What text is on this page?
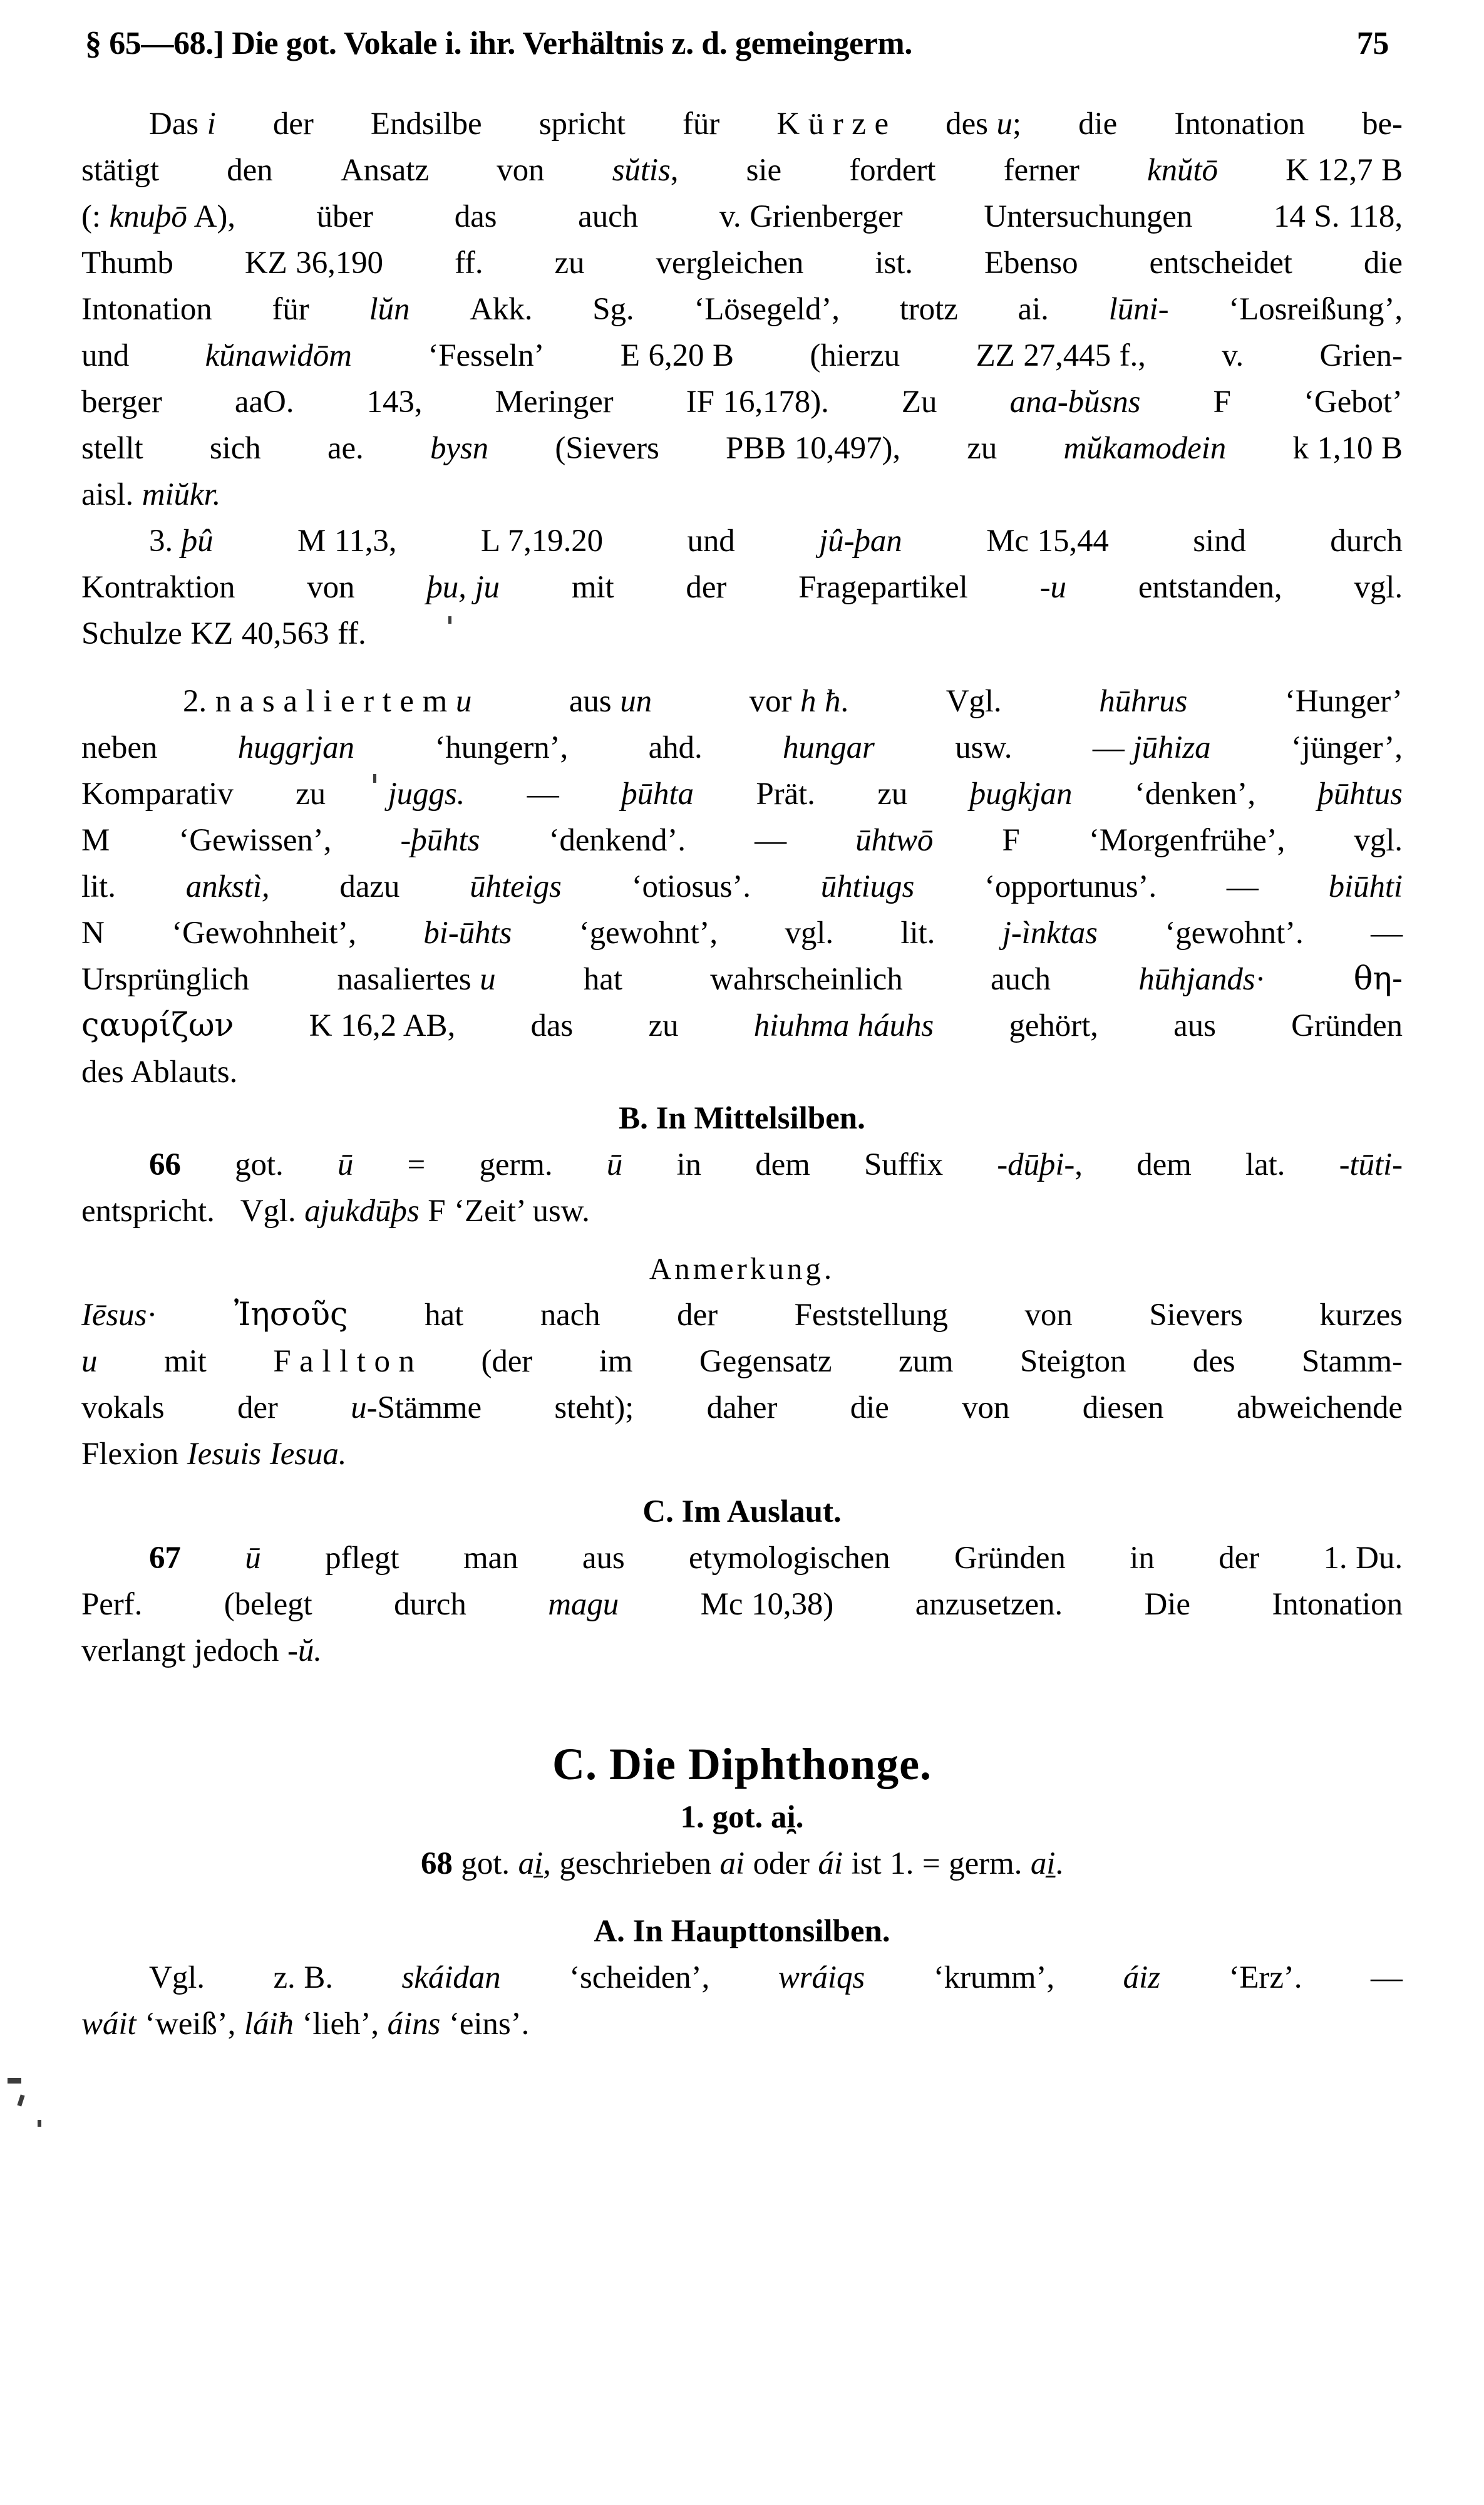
§ 65—68.] Die got. Vokale i. ihr. Verhältnis z. d. gemeingerm.	75
Das i der Endsilbe spricht für K ü r z e des u; die Intonation be-
stätigt den Ansatz von sŭtis, sie fordert ferner knŭtō K 12,7 B
(: knuþō A),	über	das	auch	v. Grienberger	Untersuchungen	14 S. 118,
Thumb KZ 36,190 ff. zu vergleichen ist. Ebenso entscheidet die
Intonation für lŭn Akk. Sg. ‘Lösegeld’, trotz ai. lūni- ‘Losreißung’,
und kŭnawidōm ‘Fesseln’ E 6,20 B (hierzu ZZ 27,445 f., v. Grien-
berger aaO. 143, Meringer IF 16,178). Zu ana-bŭsns F ‘Gebot’
stellt sich ae. bysn (Sievers PBB 10,497), zu mŭkamodein k 1,10 B
aisl. miŭkr.
3. þû	M 11,3,	L 7,19.20	und	jû-þan	Mc 15,44	sind	durch
Kontraktion von þu, ju mit der Fragepartikel -u entstanden, vgl.
Schulze KZ 40,563 ff.
2. n a s a l i e r t e m u	aus un	vor h ħ.	Vgl.	hūhrus	‘Hunger’
neben	huggrjan	‘hungern’,	ahd.	hungar	usw.	— jūhiza	‘jünger’,
Komparativ zu juggs. — þūhta Prät. zu þugkjan ‘denken’, þūhtus
M ‘Gewissen’, -þūhts ‘denkend’. — ūhtwō F ‘Morgenfrühe’, vgl.
lit. ankstì, dazu ūhteigs ‘otiosus’. ūhtiugs ‘opportunus’. — biūhti
N ‘Gewohnheit’, bi-ūhts ‘gewohnt’, vgl. lit. j-ìnktas ‘gewohnt’. —
Ursprünglich	nasaliertes u	hat	wahrscheinlich	auch	hūhjands·	θη-
ςαυρίζων K 16,2 AB, das zu hiuhma háuhs gehört, aus Gründen
des Ablauts.
B. In Mittelsilben.
66 got. ū = germ. ū in dem Suffix -dūþi-, dem lat. -tūti-
entspricht.   Vgl. ajukdūþs F ‘Zeit’ usw.
Anmerkung.
Iēsus· Ἰησοῦς hat nach der Feststellung von Sievers kurzes
u mit F a l l t o n (der im Gegensatz zum Steigton des Stamm-
vokals der u-Stämme steht); daher die von diesen abweichende
Flexion Iesuis Iesua.
C. Im Auslaut.
67 ū pflegt man aus etymologischen Gründen in der 1. Du.
Perf.	(belegt	durch	magu	Mc 10,38)	anzusetzen.	Die	Intonation
verlangt jedoch -ŭ.
C. Die Diphthonge.
1. got. ai̯.
68 got. ai̱, geschrieben ai oder ái ist 1. = germ. ai̱.
A. In Haupttonsilben.
Vgl. z. B. skáidan ‘scheiden’, wráiqs ‘krumm’, áiz ‘Erz’. —
wáit ‘weiß’, láiħ ‘lieh’, áins ‘eins’.
